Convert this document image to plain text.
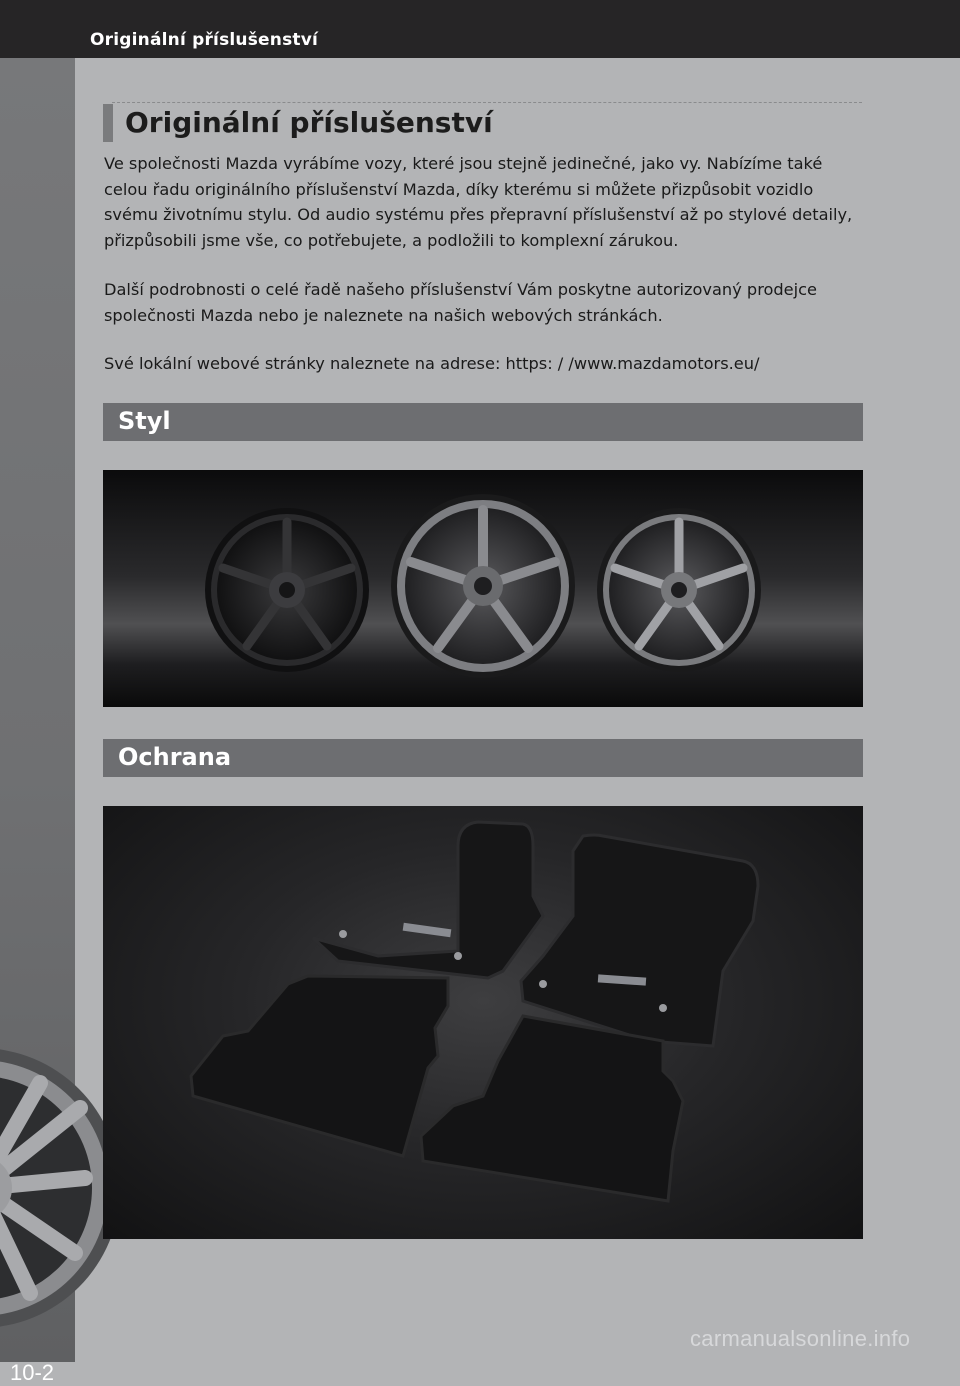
Originální příslušenství
10-2
Originální příslušenství
Ve společnosti Mazda vyrábíme vozy, které jsou stejně jedinečné, jako vy. Nabízíme také celou řadu originálního příslušenství Mazda, díky kterému si můžete přizpůsobit vozidlo svému životnímu stylu. Od audio systému přes přepravní příslušenství až po stylové detaily, přizpůsobili jsme vše, co potřebujete, a podložili to komplexní zárukou.
Další podrobnosti o celé řadě našeho příslušenství Vám poskytne autorizovaný prodejce společnosti Mazda nebo je naleznete na našich webových stránkách.
Své lokální webové stránky naleznete na adrese: https: / /www.mazdamotors.eu/
Styl
Ochrana
carmanualsonline.info
